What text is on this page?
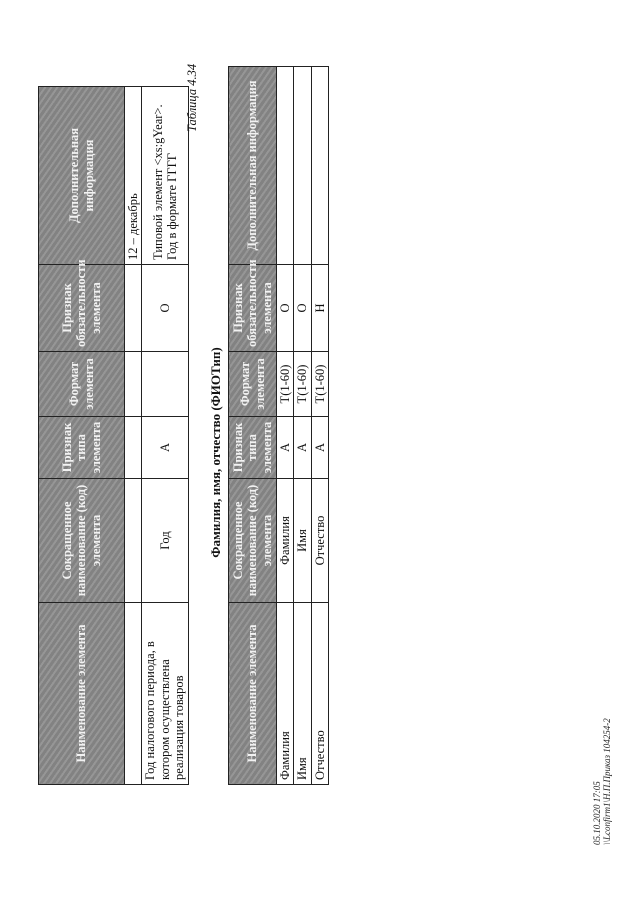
Наименование элемента	Сокращенное наименование (код) элемента	Признак типа элемента	Формат элемента	Признак обязательности элемента	Дополнительная информация
					12 – декабрь
Год налогового периода, в котором осуществлена реализация товаров	Год	А		О	Типовой элемент <xs:gYear>. Год в формате ГГГГ
Таблица 4.34
Фамилия, имя, отчество (ФИОТип)
Наименование элемента	Сокращенное наименование (код) элемента	Признак типа элемента	Формат элемента	Признак обязательности элемента	Дополнительная информация
Фамилия	Фамилия	А	T(1-60)	О	
Имя	Имя	А	T(1-60)	О	
Отчество	Отчество	А	T(1-60)	Н	
05.10.2020 17:05 \\Lconfirm1\Н.П.Приказ 104254-2
